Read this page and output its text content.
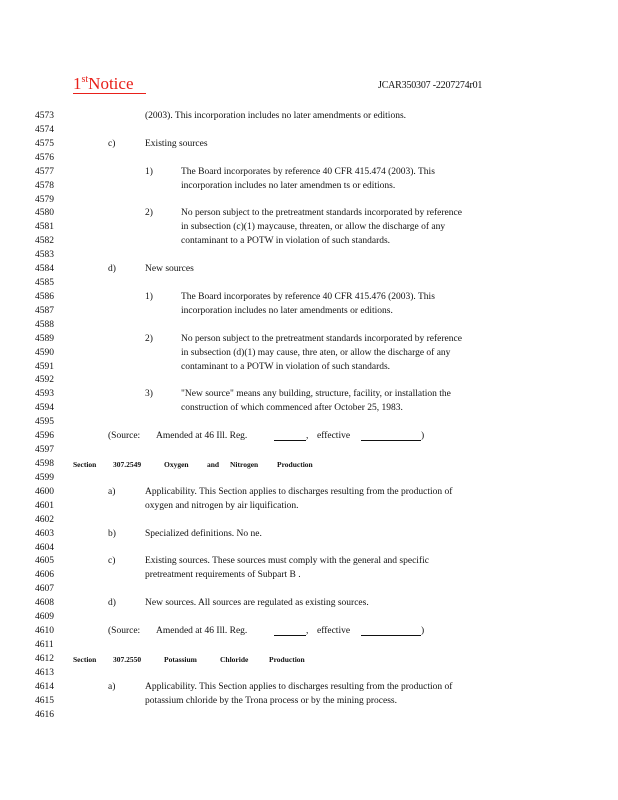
1stNotice	JCAR350307 -2207274r01
4573
4574
4575
4576
4577
4578
4579
4580
4581
4582
4583
4584
4585
4586
4587
4588
4589
4590
4591
4592
4593
4594
4595
4596
4597
4598
4599
4600
4601
4602
4603
4604
4605
4606
4607
4608
4609
4610
4611
4612
4613
4614
4615
4616
(2003). This incorporation includes no later amendments or editions.
c)	Existing sources
1)	The Board incorporates by reference 40 CFR 415.474 (2003). This
incorporation includes no later amendmen ts or editions.
2)	No person subject to the pretreatment standards incorporated by reference
in subsection (c)(1) maycause, threaten, or allow the discharge of any
contaminant to a POTW in violation of such standards.
d)	New sources
1)	The Board incorporates by reference 40 CFR 415.476 (2003). This
incorporation includes no later amendments or editions.
2)	No person subject to the pretreatment standards incorporated by reference
in subsection (d)(1) may cause, thre aten, or allow the discharge of any
contaminant to a POTW in violation of such standards.
3)	"New source" means any building, structure, facility, or installation the
construction of which commenced after October 25, 1983.
a)	Applicability. This Section applies to discharges resulting from the production of
oxygen and nitrogen by air liquification.
b)	Specialized definitions. No ne.
c)	Existing sources. These sources must comply with the general and specific
pretreatment requirements of Subpart B .
d)	New sources. All sources are regulated as existing sources.
a)	Applicability. This Section applies to discharges resulting from the production of
potassium chloride by the Trona process or by the mining process.
(Source: Amended at 46 Ill. Reg.	, effective	)
(Source: Amended at 46 Ill. Reg.	, effective	)
Section 307.2549	Oxygen and Nitrogen	Production
Section 307.2550	Potassium	Chloride	Production
